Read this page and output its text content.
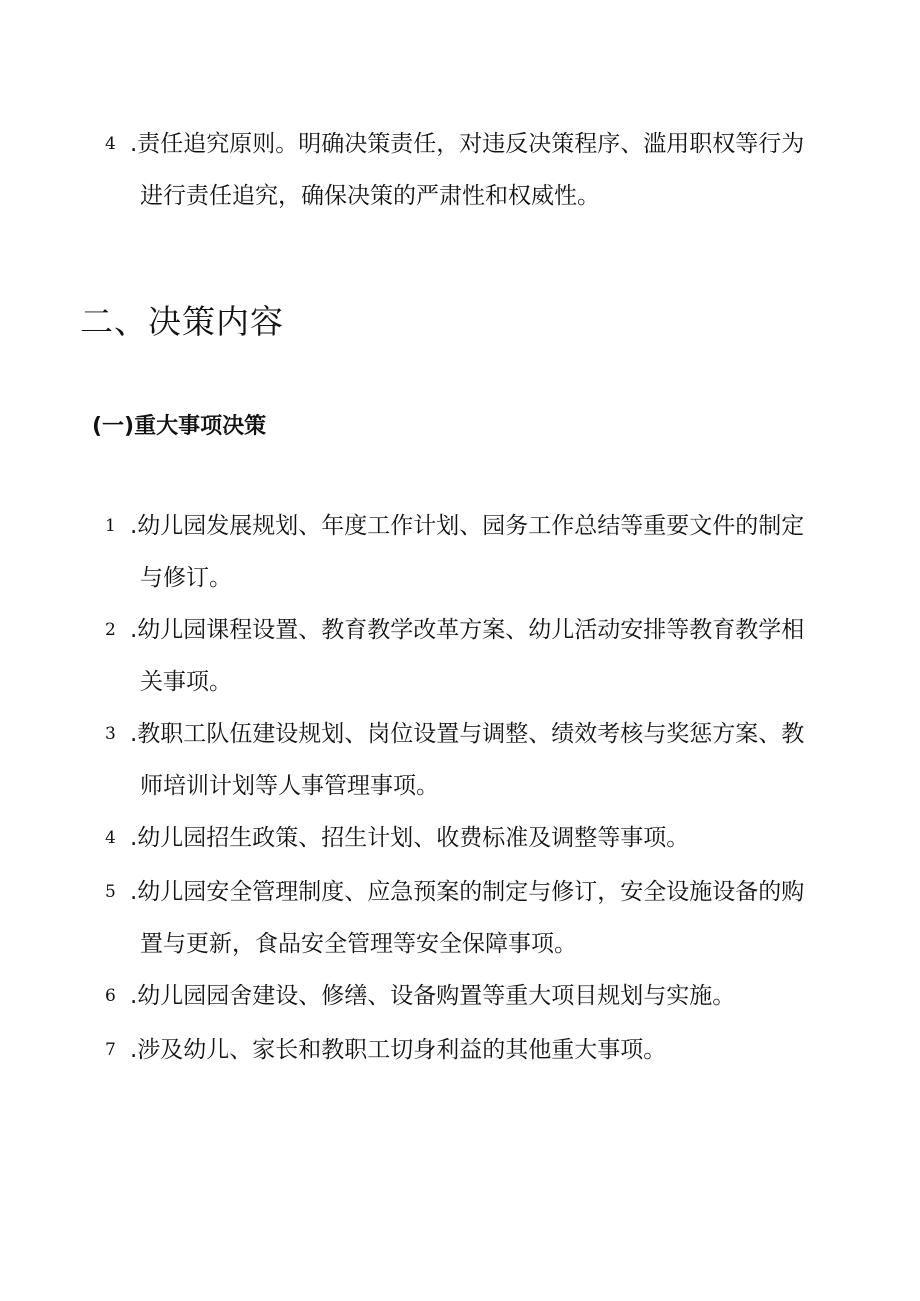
4 .责任追究原则。明确决策责任，对违反决策程序、滥用职权等行为
进行责任追究，确保决策的严肃性和权威性。
二、决策内容
(一)重大事项决策
1 .幼儿园发展规划、年度工作计划、园务工作总结等重要文件的制定
与修订。
2 .幼儿园课程设置、教育教学改革方案、幼儿活动安排等教育教学相
关事项。
3 .教职工队伍建设规划、岗位设置与调整、绩效考核与奖惩方案、教
师培训计划等人事管理事项。
4 .幼儿园招生政策、招生计划、收费标准及调整等事项。
5 .幼儿园安全管理制度、应急预案的制定与修订，安全设施设备的购
置与更新，食品安全管理等安全保障事项。
6 .幼儿园园舍建设、修缮、设备购置等重大项目规划与实施。
7 .涉及幼儿、家长和教职工切身利益的其他重大事项。
